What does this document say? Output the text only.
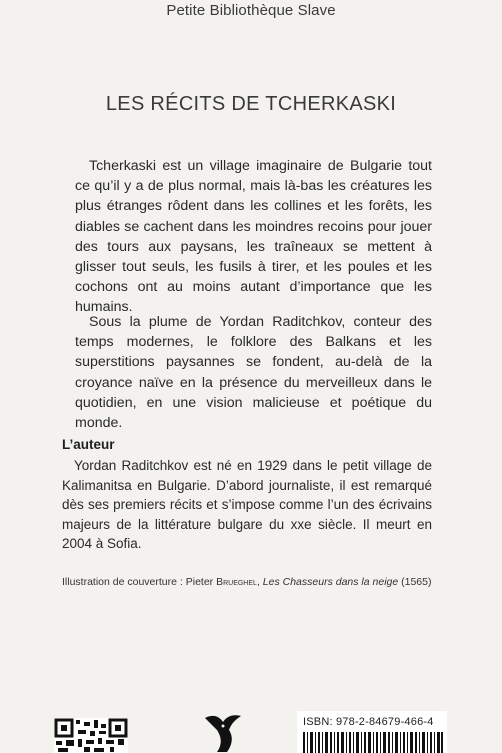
Petite Bibliothèque Slave
LES RÉCITS DE TCHERKASKI

Tcherkaski est un village imaginaire de Bulgarie tout ce qu’il y a de plus normal, mais là-bas les créatures les plus étranges rôdent dans les collines et les forêts, les diables se cachent dans les moindres recoins pour jouer des tours aux paysans, les traîneaux se mettent à glisser tout seuls, les fusils à tirer, et les poules et les cochons ont au moins autant d’importance que les humains.

Sous la plume de Yordan Raditchkov, conteur des temps modernes, le folklore des Balkans et les superstitions paysannes se fondent, au-delà de la croyance naïve en la présence du merveilleux dans le quotidien, en une vision malicieuse et poétique du monde.

L’auteur

Yordan Raditchkov est né en 1929 dans le petit village de Kalimanitsa en Bulgarie. D’abord journaliste, il est remarqué dès ses premiers récits et s’impose comme l’un des écrivains majeurs de la littérature bulgare du xxe siècle. Il meurt en 2004 à Sofia.

Illustration de couverture : Pieter Brueghel, Les Chasseurs dans la neige (1565)
ISBN: 978-2-84679-466-4
